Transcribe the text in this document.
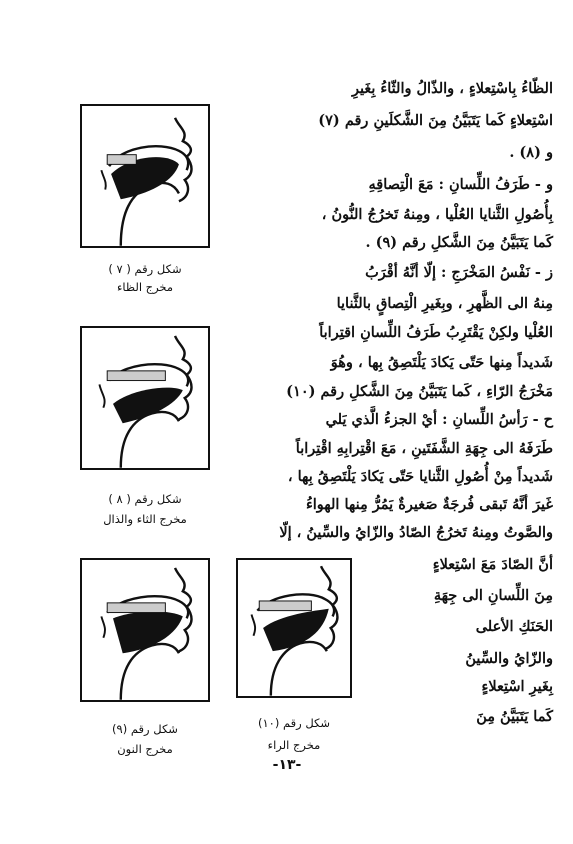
الظّاءُ بِاسْتِعلاءٍ ، والذّالُ والثّاءُ بِغَيرِ
اسْتِعلاءٍ كَما يَتَبَيَّنُ مِنَ الشَّكلَينِ رقم (٧)
و (٨) .
و - طَرَفُ اللِّسانِ : مَعَ الْتِصاقِهِ
بِأُصُولِ الثَّنايا العُلْيا ، ومِنهُ تَخرُجُ النُّونُ ،
كَما يَتَبَيَّنُ مِنَ الشَّكلِ رقم (٩) .
ز - نَفْسُ المَخْرَجِ : إلّا أنَّهُ أقْرَبُ
مِنهُ الى الظَّهرِ ، وبِغَيرِ الْتِصاقٍ بالثَّنايا
العُلْيا ولكِنْ يَقْتَرِبُ طَرَفُ اللِّسانِ اقتِراباً
شَديداً مِنها حَتّى يَكادَ يَلْتَصِقُ بِها ، وهُوَ
مَخْرَجُ الرّاءِ ، كَما يَتَبَيَّنُ مِنَ الشَّكلِ رقم (١٠)
ح - رَأسُ اللِّسانِ : أيْ الجزءُ الَّذي يَلي
طَرَفَهُ الى جِهَةِ الشَّفَتَينِ ، مَعَ اقْتِرابِهِ اقْتِراباً
شَديداً مِنْ أُصُولِ الثَّنايا حَتّى يَكادَ يَلْتَصِقُ بِها ،
غَيرَ أنَّهُ تَبقى فُرجَةٌ صَغيرةٌ يَمُرُّ مِنها الهواءُ
والصَّوتُ ومِنهُ تَخرُجُ الصّادُ والزّايُ والسِّينُ ، إلّا
أنَّ الصّادَ مَعَ اسْتِعلاءٍ
مِنَ اللِّسانِ الى جِهَةِ
الحَنَكِ الأعلى
والزّايُ والسِّينُ
بِغَيرِ اسْتِعلاءٍ
كَما يَتَبَيَّنُ مِنَ
شكل رقم ( ٧ )
مخرج الظاء
شكل رقم ( ٨ )
مخرج الثاء والذال
شكل رقم (٩)
مخرج النون
شكل رقم (١٠)
مخرج الراء
-١٣-
